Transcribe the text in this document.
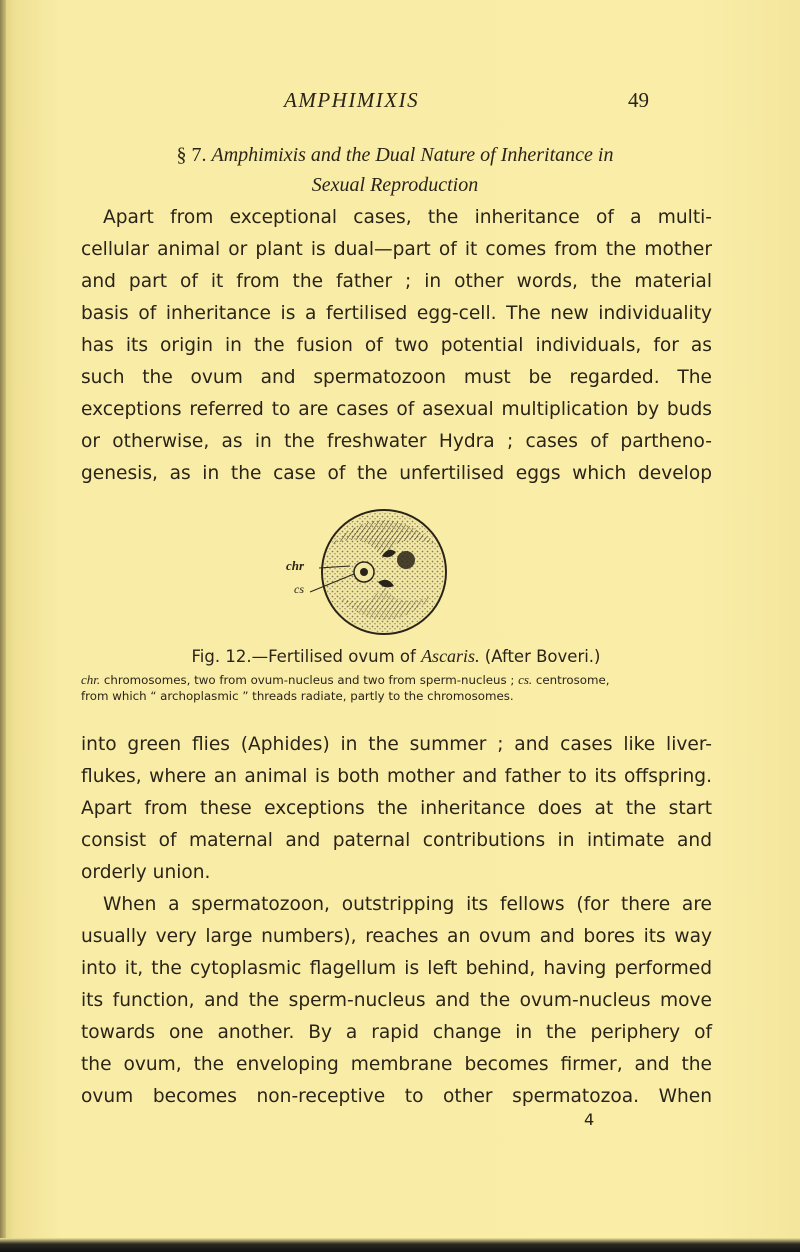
AMPHIMIXIS	49
§ 7. Amphimixis and the Dual Nature of Inheritance in
Sexual Reproduction

Apart from exceptional cases, the inheritance of a multi-
cellular animal or plant is dual—part of it comes from the mother
and part of it from the father ; in other words, the material
basis of inheritance is a fertilised egg-cell. The new individuality
has its origin in the fusion of two potential individuals, for as
such the ovum and spermatozoon must be regarded. The
exceptions referred to are cases of asexual multiplication by buds
or otherwise, as in the freshwater Hydra ; cases of partheno-
genesis, as in the case of the unfertilised eggs which develop

chr
cs
Fig. 12.—Fertilised ovum of Ascaris. (After Boveri.)
chr. chromosomes, two from ovum-nucleus and two from sperm-nucleus ; cs. centrosome,
from which “ archoplasmic ” threads radiate, partly to the chromosomes.

into green flies (Aphides) in the summer ; and cases like liver-
flukes, where an animal is both mother and father to its offspring.
Apart from these exceptions the inheritance does at the start
consist of maternal and paternal contributions in intimate and
orderly union.

When a spermatozoon, outstripping its fellows (for there are
usually very large numbers), reaches an ovum and bores its way
into it, the cytoplasmic flagellum is left behind, having performed
its function, and the sperm-nucleus and the ovum-nucleus move
towards one another. By a rapid change in the periphery of
the ovum, the enveloping membrane becomes firmer, and the
ovum becomes non-receptive to other spermatozoa. When

4
